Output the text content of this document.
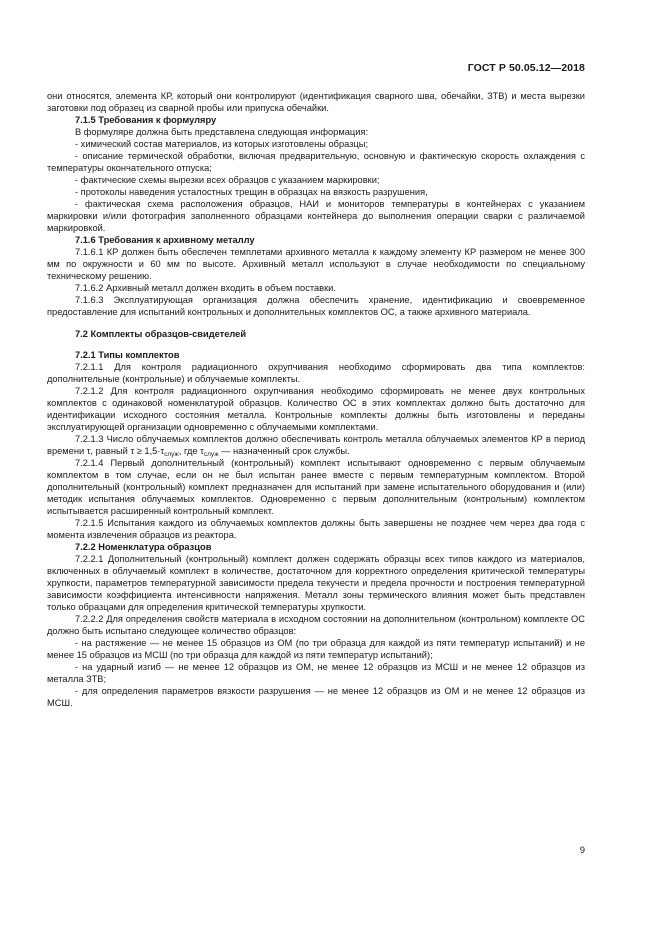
ГОСТ Р 50.05.12—2018

они относятся, элемента КР, который они контролируют (идентификация сварного шва, обечайки, ЗТВ) и места вырезки заготовки под образец из сварной пробы или припуска обечайки.

7.1.5 Требования к формуляру

В формуляре должна быть представлена следующая информация:

- химический состав материалов, из которых изготовлены образцы;

- описание термической обработки, включая предварительную, основную и фактическую скорость охлаждения с температуры окончательного отпуска;

- фактические схемы вырезки всех образцов с указанием маркировки;

- протоколы наведения усталостных трещин в образцах на вязкость разрушения,

- фактическая схема расположения образцов, НАИ и мониторов температуры в контейнерах с указанием маркировки и/или фотография заполненного образцами контейнера до выполнения операции сварки с различаемой маркировкой.

7.1.6 Требования к архивному металлу

7.1.6.1 КР должен быть обеспечен темплетами архивного металла к каждому элементу КР размером не менее 300 мм по окружности и 60 мм по высоте. Архивный металл используют в случае необходимости по специальному техническому решению.

7.1.6.2 Архивный металл должен входить в объем поставки.

7.1.6.3 Эксплуатирующая организация должна обеспечить хранение, идентификацию и своевременное предоставление для испытаний контрольных и дополнительных комплектов ОС, а также архивного материала.

7.2 Комплекты образцов-свидетелей

7.2.1 Типы комплектов

7.2.1.1 Для контроля радиационного охрупчивания необходимо сформировать два типа комплектов: дополнительные (контрольные) и облучаемые комплекты.

7.2.1.2 Для контроля радиационного охрупчивания необходимо сформировать не менее двух контрольных комплектов с одинаковой номенклатурой образцов. Количество ОС в этих комплектах должно быть достаточно для идентификации исходного состояния металла. Контрольные комплекты должны быть изготовлены и переданы эксплуатирующей организации одновременно с облучаемыми комплектами.

7.2.1.3 Число облучаемых комплектов должно обеспечивать контроль металла облучаемых элементов КР в период времени τ, равный $\tau \ge 1,5\cdot\tau_{служ}$, где $\tau_{служ}$ — назначенный срок службы.

7.2.1.4 Первый дополнительный (контрольный) комплект испытывают одновременно с первым облучаемым комплектом в том случае, если он не был испытан ранее вместе с первым температурным комплектом. Второй дополнительный (контрольный) комплект предназначен для испытаний при замене испытательного оборудования и (или) методик испытания облучаемых комплектов. Одновременно с первым дополнительным (контрольным) комплектом испытывается расширенный контрольный комплект.

7.2.1.5 Испытания каждого из облучаемых комплектов должны быть завершены не позднее чем через два года с момента извлечения образцов из реактора.

7.2.2 Номенклатура образцов

7.2.2.1 Дополнительный (контрольный) комплект должен содержать образцы всех типов каждого из материалов, включенных в облучаемый комплект в количестве, достаточном для корректного определения критической температуры хрупкости, параметров температурной зависимости предела текучести и предела прочности и построения температурной зависимости коэффициента интенсивности напряжения. Металл зоны термического влияния может быть представлен только образцами для определения критической температуры хрупкости.

7.2.2.2 Для определения свойств материала в исходном состоянии на дополнительном (контрольном) комплекте ОС должно быть испытано следующее количество образцов:

- на растяжение — не менее 15 образцов из ОМ (по три образца для каждой из пяти температур испытаний) и не менее 15 образцов из МСШ (по три образца для каждой из пяти температур испытаний);

- на ударный изгиб — не менее 12 образцов из ОМ, не менее 12 образцов из МСШ и не менее 12 образцов из металла ЗТВ;

- для определения параметров вязкости разрушения — не менее 12 образцов из ОМ и не менее 12 образцов из МСШ.

9
